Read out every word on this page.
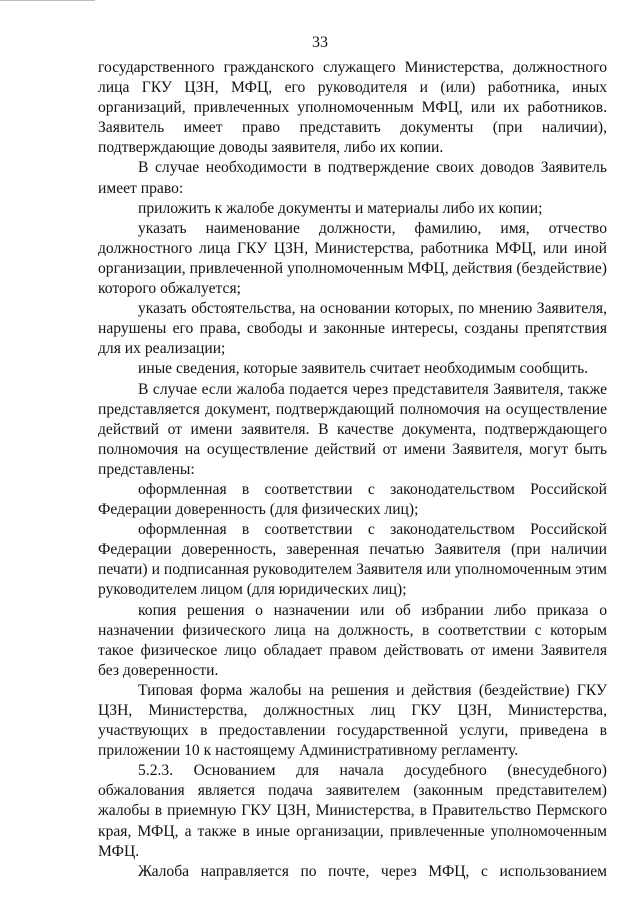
33

государственного гражданского служащего Министерства, должностного лица ГКУ ЦЗН, МФЦ, его руководителя и (или) работника, иных организаций, привлеченных уполномоченным МФЦ, или их работников. Заявитель имеет право представить документы (при наличии), подтверждающие доводы заявителя, либо их копии.

В случае необходимости в подтверждение своих доводов Заявитель имеет право:

приложить к жалобе документы и материалы либо их копии;

указать наименование должности, фамилию, имя, отчество должностного лица ГКУ ЦЗН, Министерства, работника МФЦ, или иной организации, привлеченной уполномоченным МФЦ, действия (бездействие) которого обжалуется;

указать обстоятельства, на основании которых, по мнению Заявителя, нарушены его права, свободы и законные интересы, созданы препятствия для их реализации;

иные сведения, которые заявитель считает необходимым сообщить.

В случае если жалоба подается через представителя Заявителя, также представляется документ, подтверждающий полномочия на осуществление действий от имени заявителя. В качестве документа, подтверждающего полномочия на осуществление действий от имени Заявителя, могут быть представлены:

оформленная в соответствии с законодательством Российской Федерации доверенность (для физических лиц);

оформленная в соответствии с законодательством Российской Федерации доверенность, заверенная печатью Заявителя (при наличии печати) и подписанная руководителем Заявителя или уполномоченным этим руководителем лицом (для юридических лиц);

копия решения о назначении или об избрании либо приказа о назначении физического лица на должность, в соответствии с которым такое физическое лицо обладает правом действовать от имени Заявителя без доверенности.

Типовая форма жалобы на решения и действия (бездействие) ГКУ ЦЗН, Министерства, должностных лиц ГКУ ЦЗН, Министерства, участвующих в предоставлении государственной услуги, приведена в приложении 10 к настоящему Административному регламенту.

5.2.3. Основанием для начала досудебного (внесудебного) обжалования является подача заявителем (законным представителем) жалобы в приемную ГКУ ЦЗН, Министерства, в Правительство Пермского края, МФЦ, а также в иные организации, привлеченные уполномоченным МФЦ.

Жалоба направляется по почте, через МФЦ, с использованием
